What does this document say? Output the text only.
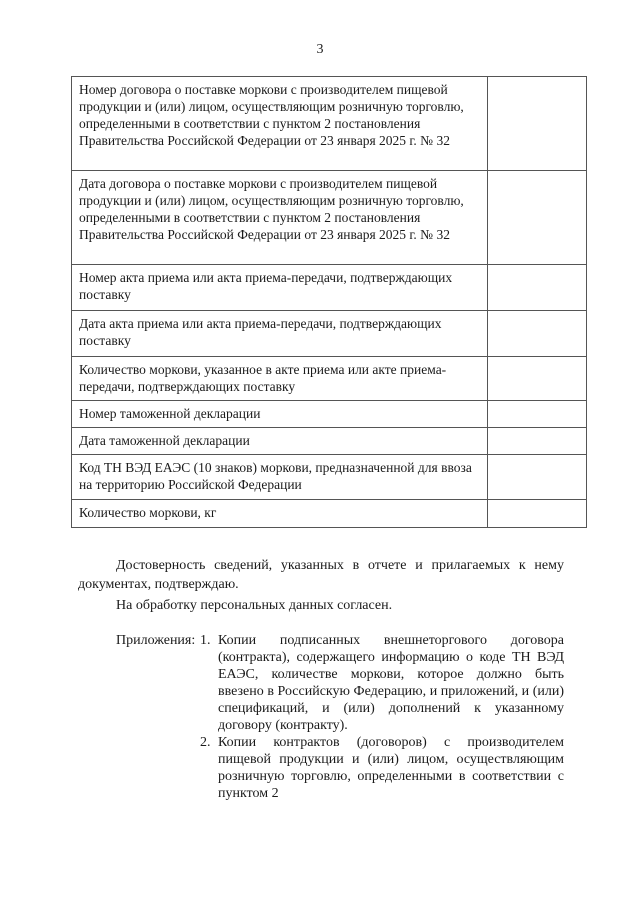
3
Номер договора о поставке моркови с производителем пищевой продукции и (или) лицом, осуществляющим розничную торговлю, определенными в соответствии с пунктом 2 постановления Правительства Российской Федерации от 23 января 2025 г. № 32	
Дата договора о поставке моркови с производителем пищевой продукции и (или) лицом, осуществляющим розничную торговлю, определенными в соответствии с пунктом 2 постановления Правительства Российской Федерации от 23 января 2025 г. № 32	
Номер акта приема или акта приема-передачи, подтверждающих поставку	
Дата акта приема или акта приема-передачи, подтверждающих поставку	
Количество моркови, указанное в акте приема или акте приема-передачи, подтверждающих поставку	
Номер таможенной декларации	
Дата таможенной декларации	
Код ТН ВЭД ЕАЭС (10 знаков) моркови, предназначенной для ввоза на территорию Российской Федерации	
Количество моркови, кг	
Достоверность сведений, указанных в отчете и прилагаемых к нему документах, подтверждаю.
На обработку персональных данных согласен.
Приложения: 1. Копии подписанных внешнеторгового договора (контракта), содержащего информацию о коде ТН ВЭД ЕАЭС, количестве моркови, которое должно быть ввезено в Российскую Федерацию, и приложений, и (или) спецификаций, и (или) дополнений к указанному договору (контракту).
2. Копии контрактов (договоров) с производителем пищевой продукции и (или) лицом, осуществляющим розничную торговлю, определенными в соответствии с пунктом 2
